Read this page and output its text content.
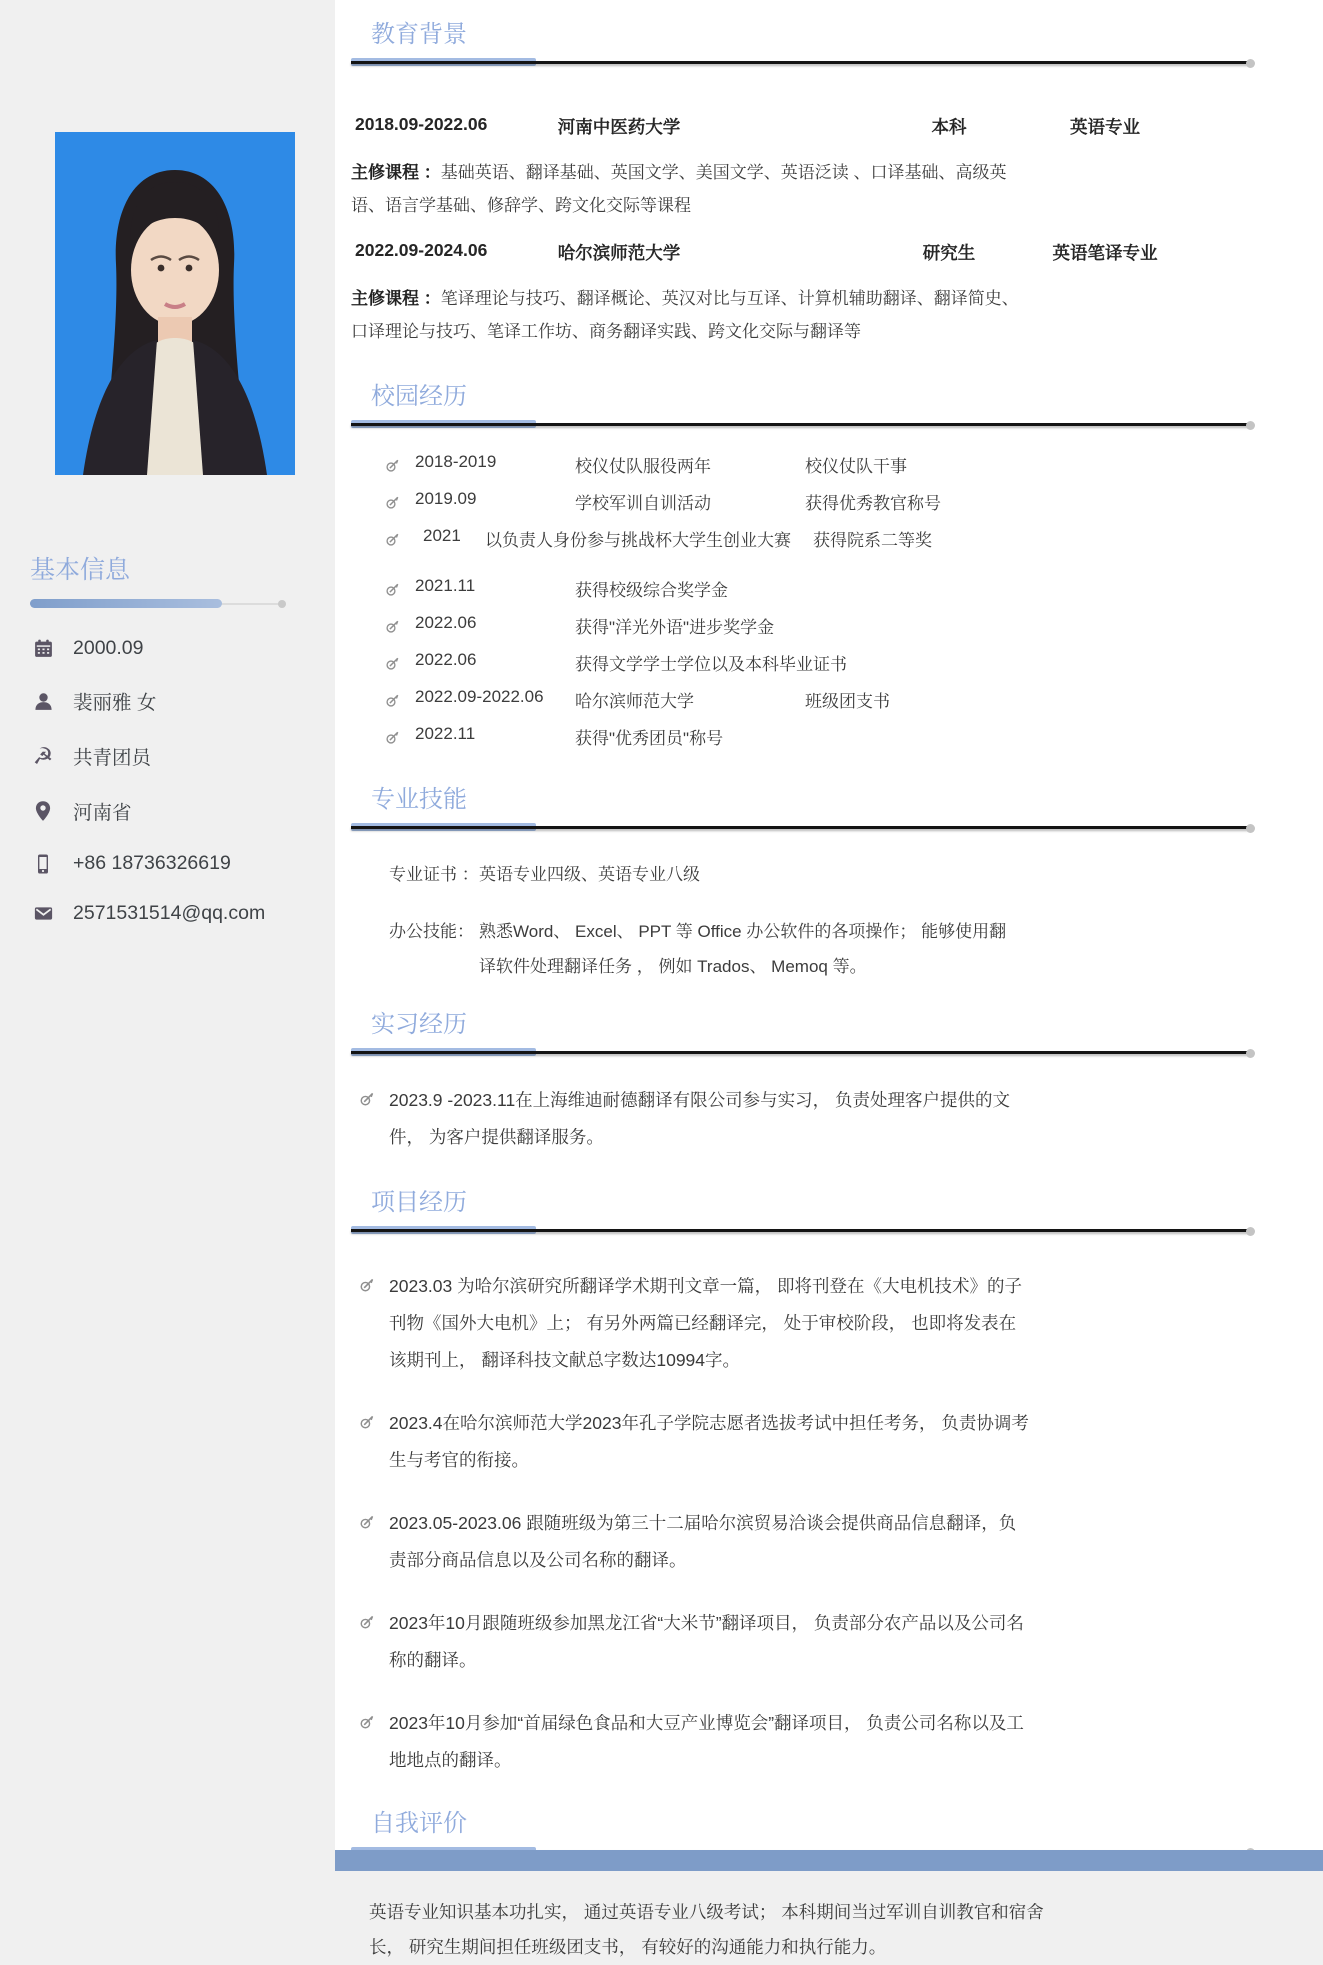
基本信息
2000.09
裴丽雅 女
☭ 共青团员
河南省
+86 18736326619
2571531514@qq.com
教育背景
2018.09-2022.06	河南中医药大学	本科	英语专业

主修课程 ：基础英语、翻译基础、英国文学、美国文学、英语泛读 、口译基础、高级英语、语言学基础、修辞学、跨文化交际等课程

2022.09-2024.06	哈尔滨师范大学	研究生	英语笔译专业

主修课程 ：笔译理论与技巧、翻译概论、英汉对比与互译、计算机辅助翻译、翻译简史、 口译理论与技巧、笔译工作坊、商务翻译实践、跨文化交际与翻译等

校园经历
2018-2019	校仪仗队服役两年	校仪仗队干事
2019.09	学校军训自训活动	获得优秀教官称号
2021 以负责人身份参与挑战杯大学生创业大赛 获得院系二等奖
2021.11	获得校级综合奖学金
2022.06	获得"洋光外语"进步奖学金
2022.06	获得文学学士学位以及本科毕业证书
2022.09-2022.06 哈尔滨师范大学	班级团支书
2022.11	获得"优秀团员"称号
专业技能
专业证书 ： 英语专业四级、英语专业八级
办公技能： 熟悉Word、 Excel、 PPT 等 Office 办公软件的各项操作； 能够使用翻
译软件处理翻译任务 ， 例如 Trados、 Memoq 等。
实习经历
2023.9 -2023.11在上海维迪耐德翻译有限公司参与实习， 负责处理客户提供的文件， 为客户提供翻译服务。
项目经历
2023.03 为哈尔滨研究所翻译学术期刊文章一篇， 即将刊登在《大电机技术》的子刊物《国外大电机》上； 有另外两篇已经翻译完， 处于审校阶段， 也即将发表在该期刊上， 翻译科技文献总字数达10994字。
2023.4在哈尔滨师范大学2023年孔子学院志愿者选拔考试中担任考务， 负责协调考生与考官的衔接。
2023.05-2023.06 跟随班级为第三十二届哈尔滨贸易洽谈会提供商品信息翻译，负责部分商品信息以及公司名称的翻译。
2023年10月跟随班级参加黑龙江省“大米节”翻译项目， 负责部分农产品以及公司名称的翻译。
2023年10月参加“首届绿色食品和大豆产业博览会”翻译项目， 负责公司名称以及工地地点的翻译。
自我评价

英语专业知识基本功扎实， 通过英语专业八级考试； 本科期间当过军训自训教官和宿舍长， 研究生期间担任班级团支书， 有较好的沟通能力和执行能力。
